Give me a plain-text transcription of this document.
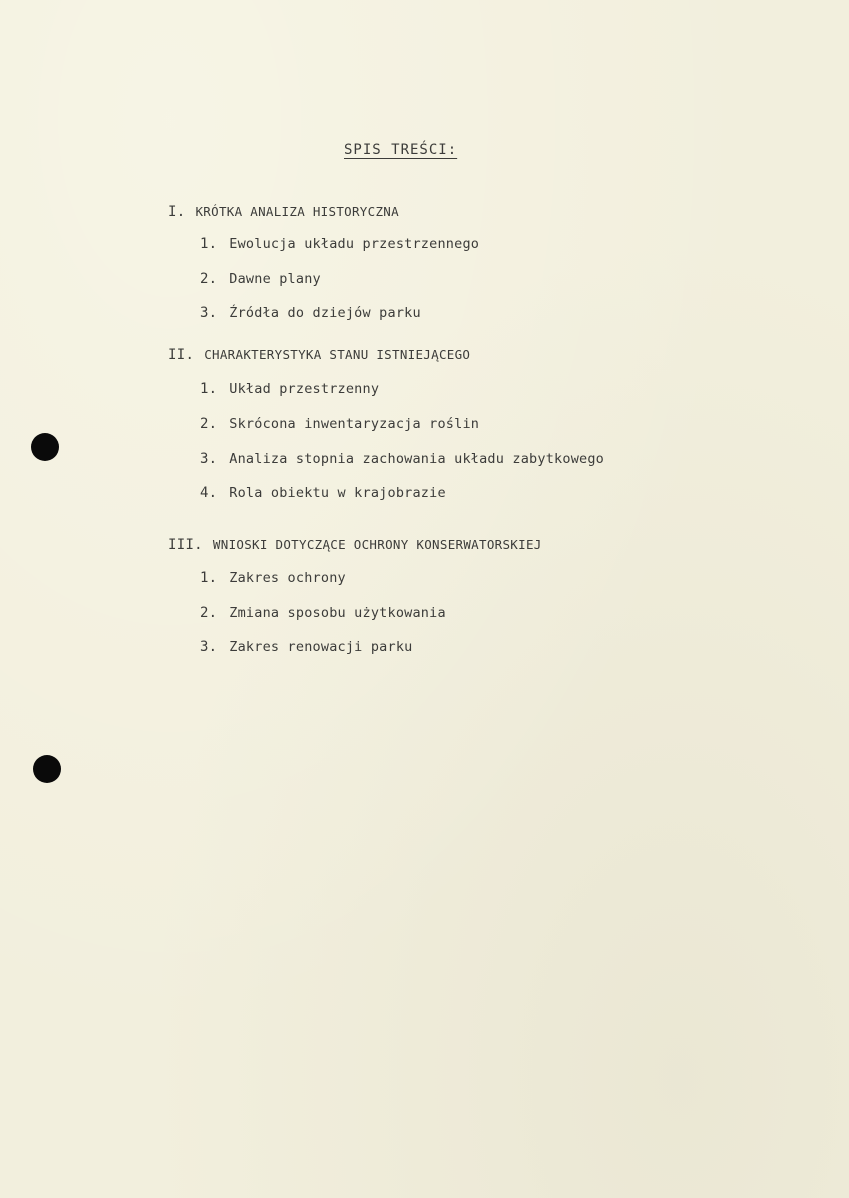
SPIS TREŚCI:
I. KRÓTKA ANALIZA HISTORYCZNA
1. Ewolucja układu przestrzennego
2. Dawne plany
3. Źródła do dziejów parku
II. CHARAKTERYSTYKA STANU ISTNIEJĄCEGO
1. Układ przestrzenny
2. Skrócona inwentaryzacja roślin
3. Analiza stopnia zachowania układu zabytkowego
4. Rola obiektu w krajobrazie
III. WNIOSKI DOTYCZĄCE OCHRONY KONSERWATORSKIEJ
1. Zakres ochrony
2. Zmiana sposobu użytkowania
3. Zakres renowacji parku
